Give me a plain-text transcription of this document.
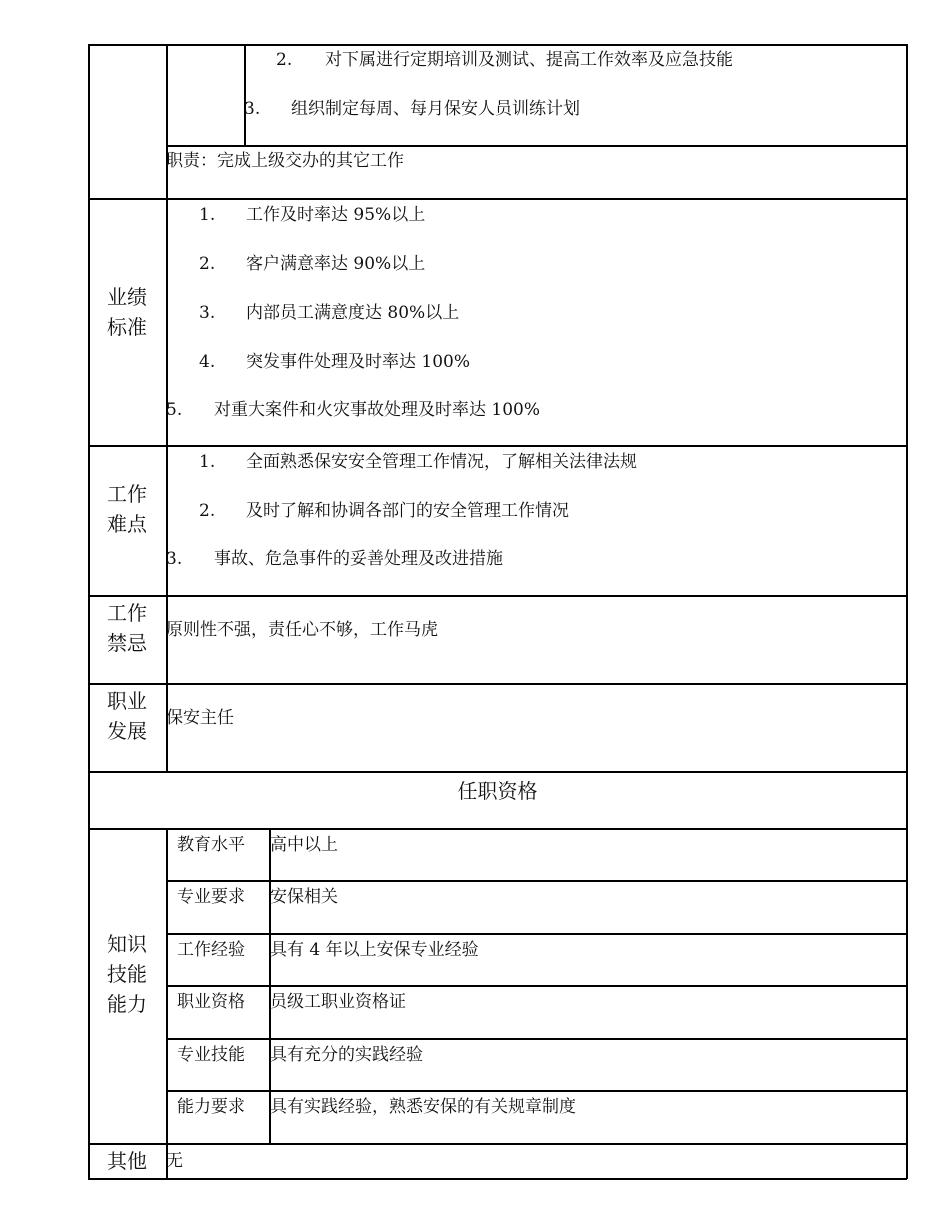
2. 对下属进行定期培训及测试、提高工作效率及应急技能
3. 组织制定每周、每月保安人员训练计划
职责：完成上级交办的其它工作
业绩
标准
1. 工作及时率达 95%以上
2. 客户满意率达 90%以上
3. 内部员工满意度达 80%以上
4. 突发事件处理及时率达 100%
5. 对重大案件和火灾事故处理及时率达 100%
工作
难点
1. 全面熟悉保安安全管理工作情况，了解相关法律法规
2. 及时了解和协调各部门的安全管理工作情况
3. 事故、危急事件的妥善处理及改进措施
工作
禁忌
原则性不强，责任心不够，工作马虎
职业
发展
保安主任
任职资格
知识
技能
能力
教育水平 高中以上
专业要求 安保相关
工作经验 具有 4 年以上安保专业经验
职业资格 员级工职业资格证
专业技能 具有充分的实践经验
能力要求 具有实践经验，熟悉安保的有关规章制度
其他	无
